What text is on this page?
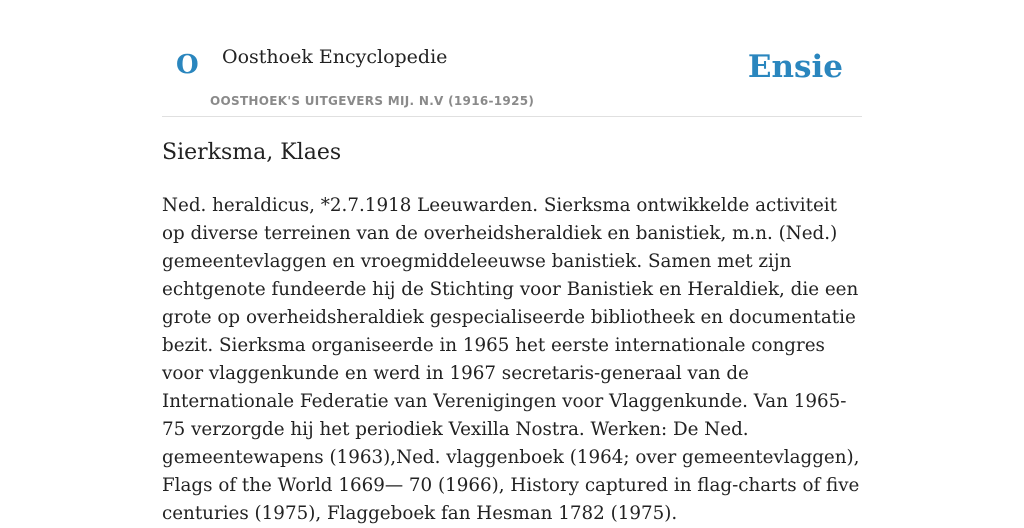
O Oosthoek Encyclopedie
OOSTHOEK'S UITGEVERS MIJ. N.V (1916-1925)
Ensie
Sierksma, Klaes

Ned. heraldicus, *2.7.1918 Leeuwarden. Sierksma ontwikkelde activiteit op diverse terreinen van de overheidsheraldiek en banistiek, m.n. (Ned.) gemeentevlaggen en vroegmiddeleeuwse banistiek. Samen met zijn echtgenote fundeerde hij de Stichting voor Banistiek en Heraldiek, die een grote op overheidsheraldiek gespecialiseerde bibliotheek en documentatie bezit. Sierksma organiseerde in 1965 het eerste internationale congres voor vlaggenkunde en werd in 1967 secretaris-generaal van de Internationale Federatie van Verenigingen voor Vlaggenkunde. Van 1965-75 verzorgde hij het periodiek Vexilla Nostra. Werken: De Ned. gemeentewapens (1963),Ned. vlaggenboek (1964; over gemeentevlaggen), Flags of the World 1669— 70 (1966), History captured in flag-charts of five centuries (1975), Flaggeboek fan Hesman 1782 (1975).
